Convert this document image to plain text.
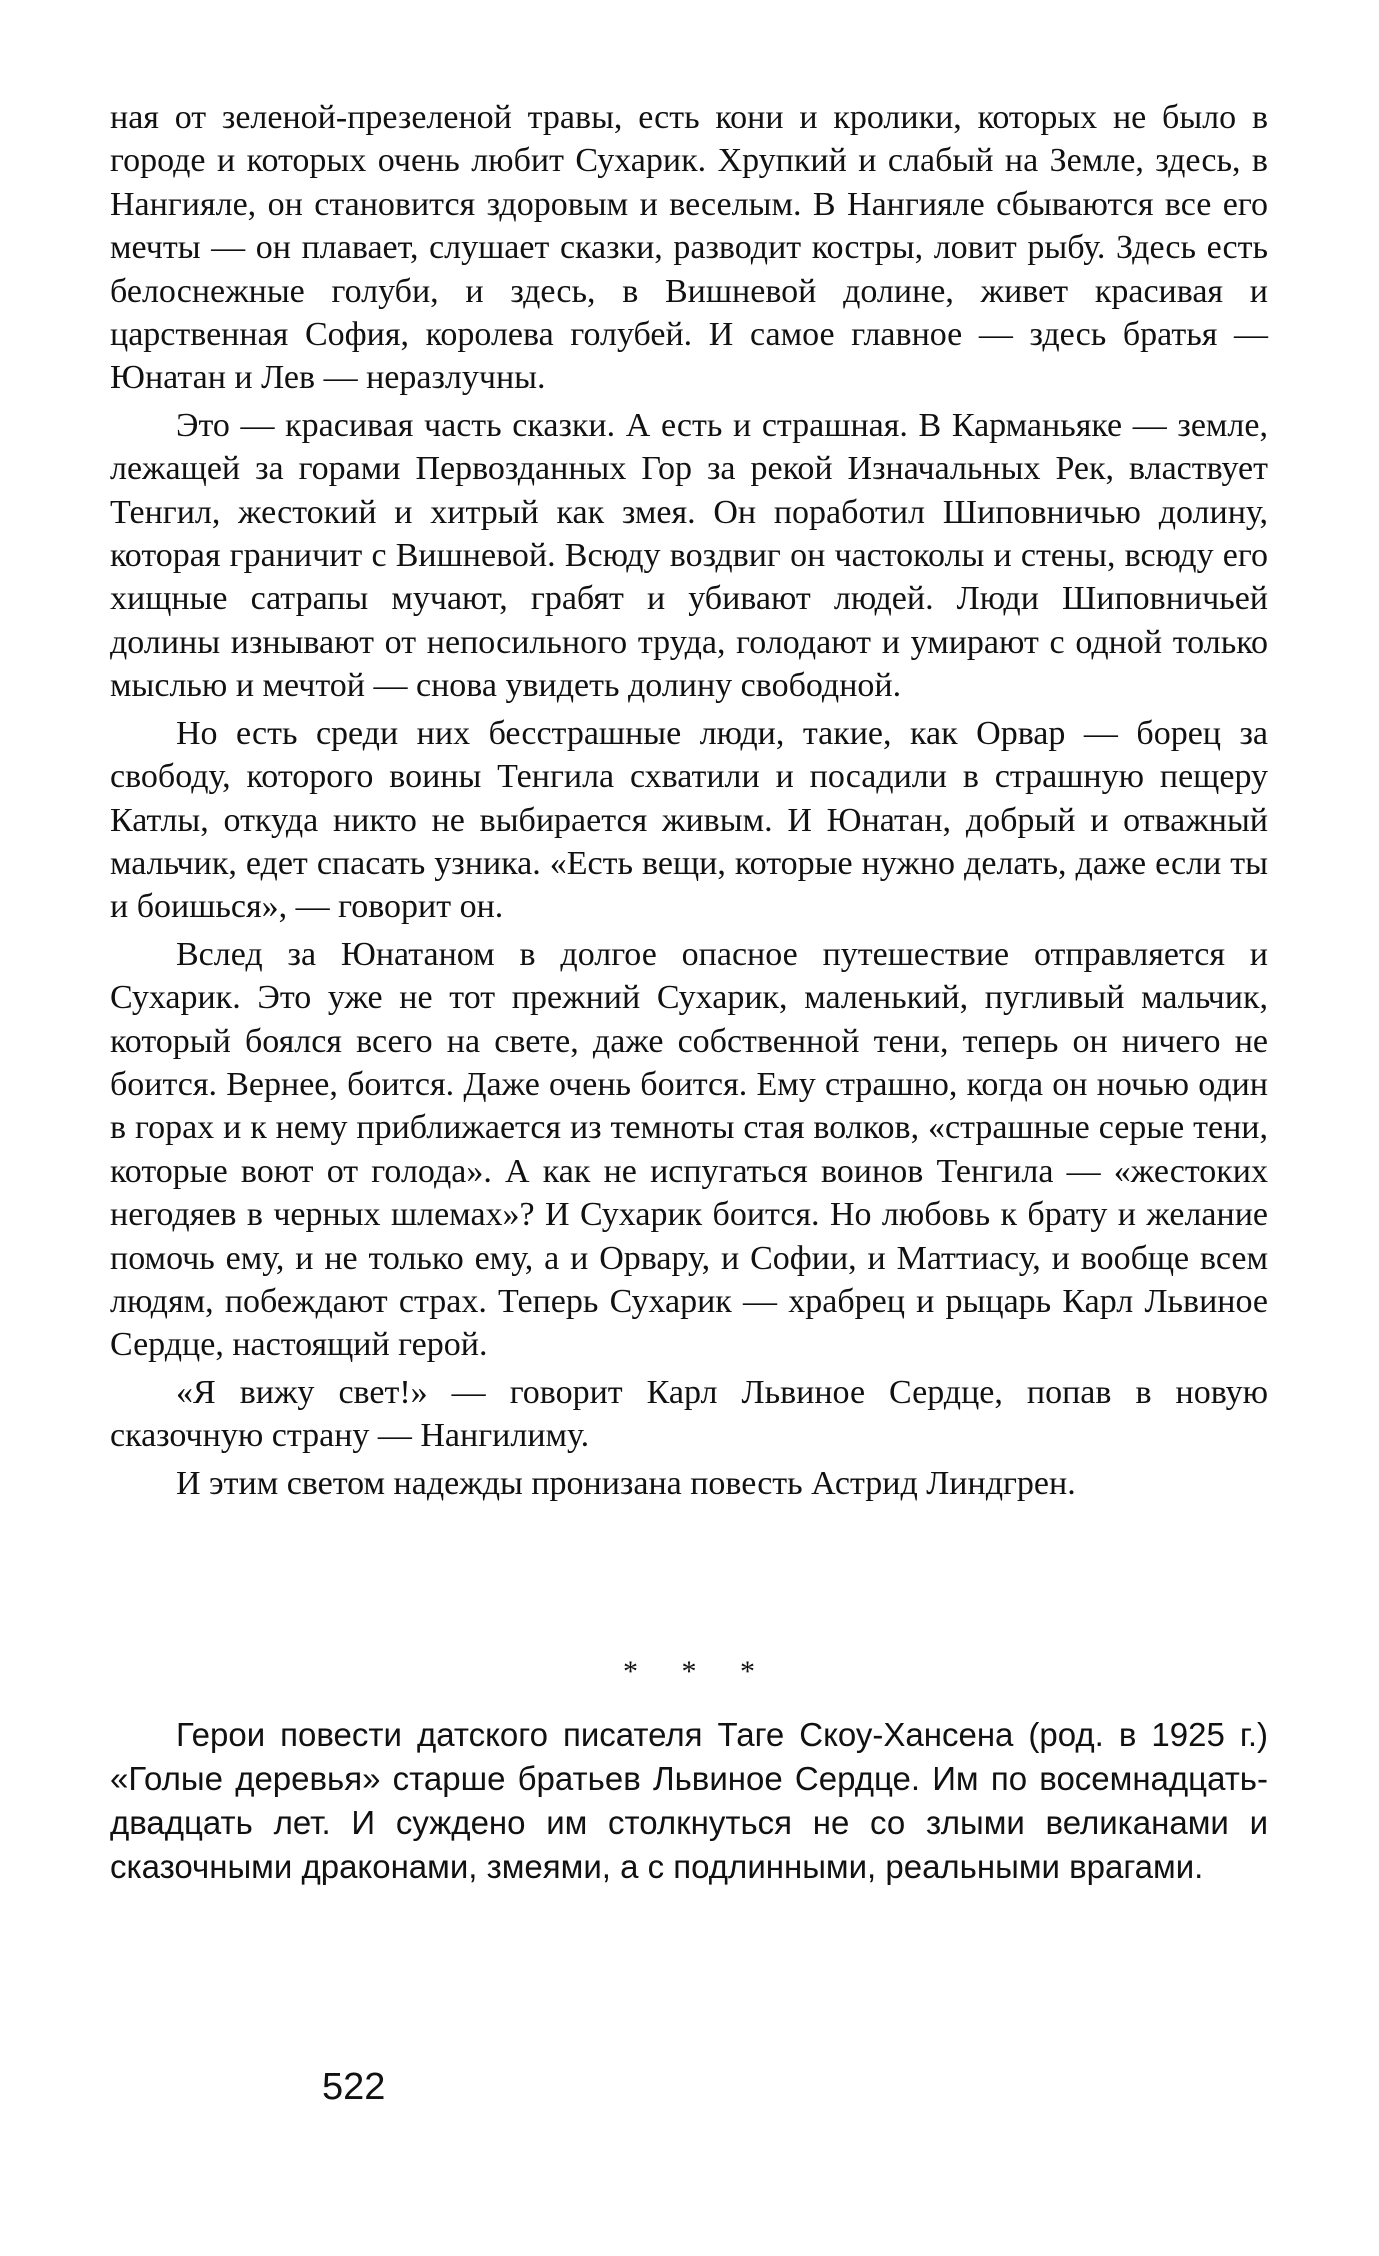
ная от зеленой-презеленой травы, есть кони и кролики, которых не было в городе и которых очень любит Сухарик. Хрупкий и слабый на Земле, здесь, в Нангияле, он становится здоровым и веселым. В Нангияле сбываются все его мечты — он плавает, слушает сказки, разводит костры, ловит рыбу. Здесь есть белоснежные голуби, и здесь, в Вишневой долине, живет красивая и царственная София, королева голубей. И самое главное — здесь братья — Юнатан и Лев — неразлучны.

Это — красивая часть сказки. А есть и страшная. В Карманьяке — земле, лежащей за горами Первозданных Гор за рекой Изначальных Рек, властвует Тенгил, жестокий и хитрый как змея. Он поработил Шиповничью долину, которая граничит с Вишневой. Всюду воздвиг он частоколы и стены, всюду его хищные сатрапы мучают, грабят и убивают людей. Люди Шиповничьей долины изнывают от непосильного труда, голодают и умирают с одной только мыслью и мечтой — снова увидеть долину свободной.

Но есть среди них бесстрашные люди, такие, как Орвар — борец за свободу, которого воины Тенгила схватили и посадили в страшную пещеру Катлы, откуда никто не выбирается живым. И Юнатан, добрый и отважный мальчик, едет спасать узника. «Есть вещи, которые нужно делать, даже если ты и боишься», — говорит он.

Вслед за Юнатаном в долгое опасное путешествие отправляется и Сухарик. Это уже не тот прежний Сухарик, маленький, пугливый мальчик, который боялся всего на свете, даже собственной тени, теперь он ничего не боится. Вернее, боится. Даже очень боится. Ему страшно, когда он ночью один в горах и к нему приближается из темноты стая волков, «страшные серые тени, которые воют от голода». А как не испугаться воинов Тенгила — «жестоких негодяев в черных шлемах»? И Сухарик боится. Но любовь к брату и желание помочь ему, и не только ему, а и Орвару, и Софии, и Маттиасу, и вообще всем людям, побеждают страх. Теперь Сухарик — храбрец и рыцарь Карл Львиное Сердце, настоящий герой.

«Я вижу свет!» — говорит Карл Львиное Сердце, попав в новую сказочную страну — Нангилиму.

И этим светом надежды пронизана повесть Астрид Линдгрен.

* * *

Герои повести датского писателя Таге Скоу-Хансена (род. в 1925 г.) «Голые деревья» старше братьев Львиное Сердце. Им по восемнадцать-двадцать лет. И суждено им столкнуться не со злыми великанами и сказочными драконами, змеями, а с подлинными, реальными врагами.

522
